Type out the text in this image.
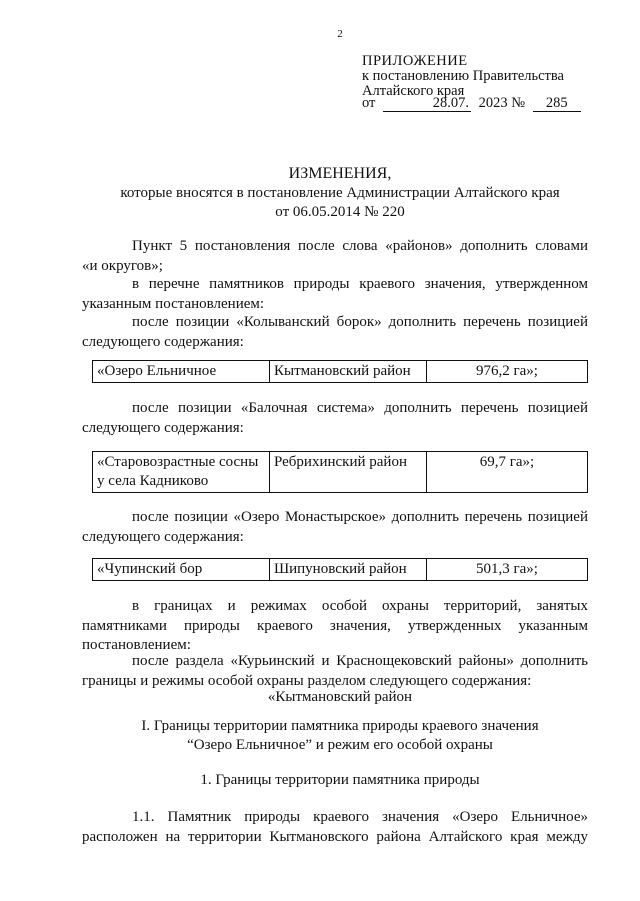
2
ПРИЛОЖЕНИЕ
к постановлению Правительства
Алтайского края
от	28.07. 2023 № 285
ИЗМЕНЕНИЯ,
которые вносятся в постановление Администрации Алтайского края
от 06.05.2014 № 220
Пункт 5 постановления после слова «районов» дополнить словами
«и округов»;
в перечне памятников природы краевого значения, утвержденном
указанным постановлением:
после позиции «Колыванский борок» дополнить перечень позицией
следующего содержания:
«Озеро Ельничное	Кытмановский район	976,2 га»;
после позиции «Балочная система» дополнить перечень позицией
следующего содержания:
«Старовозрастные сосны
у села Кадниково
	Ребрихинский район	69,7 га»;
после позиции «Озеро Монастырское» дополнить перечень позицией
следующего содержания:
«Чупинский бор	Шипуновский район	501,3 га»;
в границах и режимах особой охраны территорий, занятых
памятниками природы краевого значения, утвержденных указанным
постановлением:
после раздела «Курьинский и Краснощековский районы» дополнить
границы и режимы особой охраны разделом следующего содержания:
«Кытмановский район
I. Границы территории памятника природы краевого значения
“Озеро Ельничное” и режим его особой охраны
1. Границы территории памятника природы
1.1. Памятник природы краевого значения «Озеро Ельничное»
расположен на территории Кытмановского района Алтайского края между
